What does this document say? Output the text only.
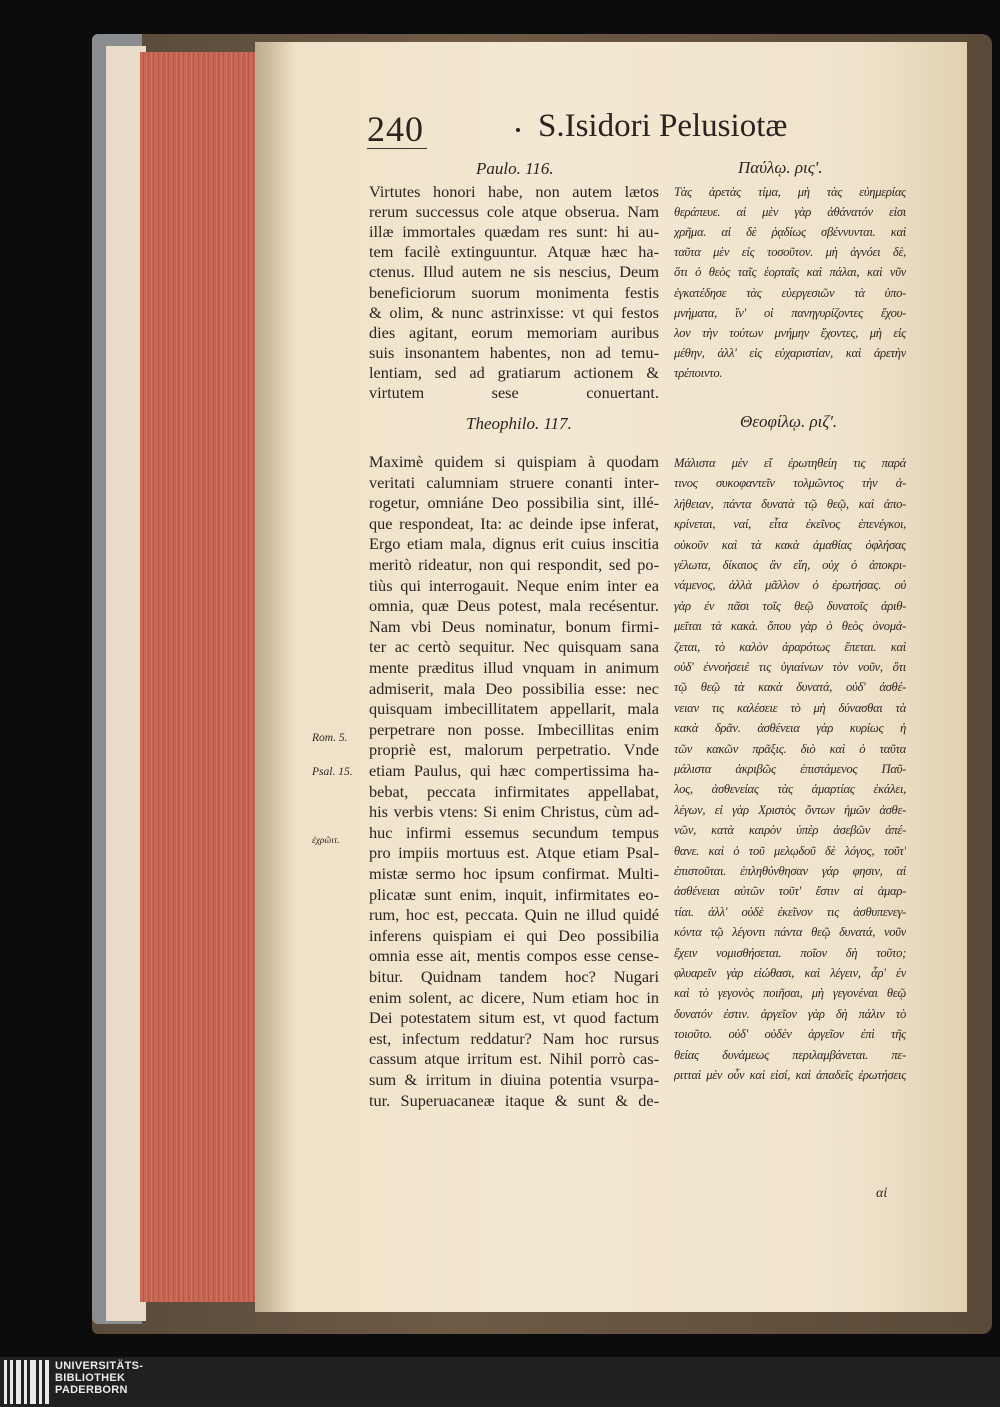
240	S.Isidori Pelusiotæ
Paulo. 116.	Παύλῳ. ρις'.
Theophilo. 117.	Θεοφίλῳ. ριζ'.
Virtutes honori habe, non autem lætos
rerum successus cole atque obserua. Nam
illæ immortales quædam res sunt: hi au-
tem facilè extinguuntur. Atquæ hæc ha-
ctenus. Illud autem ne sis nescius, Deum
beneficiorum suorum monimenta festis
& olim, & nunc astrinxisse: vt qui festos
dies agitant, eorum memoriam auribus
suis insonantem habentes, non ad temu-
lentiam, sed ad gratiarum actionem &
virtutem sese conuertant.
Maximè quidem si quispiam à quodam
veritati calumniam struere conanti inter-
rogetur, omniáne Deo possibilia sint, illé-
que respondeat, Ita: ac deinde ipse inferat,
Ergo etiam mala, dignus erit cuius inscitia
meritò rideatur, non qui respondit, sed po-
tiùs qui interrogauit. Neque enim inter ea
omnia, quæ Deus potest, mala recésentur.
Nam vbi Deus nominatur, bonum firmi-
ter ac certò sequitur. Nec quisquam sana
mente præditus illud vnquam in animum
admiserit, mala Deo possibilia esse: nec
quisquam imbecillitatem appellarit, mala
perpetrare non posse. Imbecillitas enim
propriè est, malorum perpetratio. Vnde
etiam Paulus, qui hæc compertissima ha-
bebat, peccata infirmitates appellabat,
his verbis vtens: Si enim Christus, cùm ad-
huc infirmi essemus secundum tempus
pro impiis mortuus est. Atque etiam Psal-
mistæ sermo hoc ipsum confirmat. Multi-
plicatæ sunt enim, inquit, infirmitates eo-
rum, hoc est, peccata. Quin ne illud quidé
inferens quispiam ei qui Deo possibilia
omnia esse ait, mentis compos esse cense-
bitur. Quidnam tandem hoc? Nugari
enim solent, ac dicere, Num etiam hoc in
Dei potestatem situm est, vt quod factum
est, infectum reddatur? Nam hoc rursus
cassum atque irritum est. Nihil porrò cas-
sum & irritum in diuina potentia vsurpa-
tur. Superuacaneæ itaque & sunt & de-
Τὰς ἀρετὰς τίμα, μὴ τὰς εὐημερίας
θεράπευε. αἱ μὲν γὰρ ἀθάνατόν εἰσι
χρῆμα. αἱ δὲ ῥᾳδίως σβέννυνται. καὶ
ταῦτα μὲν εἰς τοσοῦτον. μὴ ἀγνόει δὲ,
ὅτι ὁ θεὸς ταῖς ἑορταῖς καὶ πάλαι, καὶ νῦν
ἐγκατέδησε τὰς εὐεργεσιῶν τὰ ὑπο-
μνήματα, ἵν' οἱ πανηγυρίζοντες ἔχου-
λον τὴν τούτων μνήμην ἔχοντες, μὴ εἰς
μέθην, ἀλλ' εἰς εὐχαριστίαν, καὶ ἀρετὴν
τρέποιντο.
Μάλιστα μὲν εἴ ἐρωτηθείη τις παρά
τινος συκοφαντεῖν τολμῶντος τὴν ἀ-
λήθειαν, πάντα δυνατὰ τῷ θεῷ, καὶ ἀπο-
κρίνεται, ναί, εἶτα ἐκεῖνος ἐπενέγκοι,
οὐκοῦν καὶ τὰ κακὰ ἀμαθίας ὀφλήσας
γέλωτα, δίκαιος ἂν εἴη, οὐχ ὁ ἀποκρι-
νάμενος, ἀλλὰ μᾶλλον ὁ ἐρωτήσας. οὐ
γὰρ ἐν πᾶσι τοῖς θεῷ δυνατοῖς ἀριθ-
μεῖται τὰ κακά. ὅπου γὰρ ὁ θεὸς ὀνομά-
ζεται, τὸ καλὸν ἀραρότως ἕπεται. καὶ
οὐδ' ἐννοήσειέ τις ὑγιαίνων τὸν νοῦν, ὅτι
τῷ θεῷ τὰ κακὰ δυνατά, οὐδ' ἀσθέ-
νειαν τις καλέσειε τὸ μὴ δύνασθαι τὰ
κακὰ δρᾶν. ἀσθένεια γὰρ κυρίως ἡ
τῶν κακῶν πρᾶξις. διὸ καὶ ὁ ταῦτα
μάλιστα ἀκριβῶς ἐπιστάμενος Παῦ-
λος, ἀσθενείας τὰς ἁμαρτίας ἐκάλει,
λέγων, εἰ γὰρ Χριστὸς ὄντων ἡμῶν ἀσθε-
νῶν, κατὰ καιρὸν ὑπὲρ ἀσεβῶν ἀπέ-
θανε. καὶ ὁ τοῦ μελῳδοῦ δὲ λόγος, τοῦτ'
ἐπιστοῦται. ἐπληθύνθησαν γάρ φησιν, αἱ
ἀσθένειαι αὐτῶν τοῦτ' ἔστιν αἱ ἁμαρ-
τίαι. ἀλλ' οὐδὲ ἐκεῖνον τις ἀσθυπενεγ-
κόντα τῷ λέγοντι πάντα θεῷ δυνατά, νοῦν
ἔχειν νομισθήσεται. ποῖον δὴ τοῦτο;
φλυαρεῖν γὰρ εἰώθασι, καὶ λέγειν, ἆρ' ἐν
καὶ τὸ γεγονὸς ποιῆσαι, μὴ γεγονέναι θεῷ
δυνατόν ἐστιν. ἀργεῖον γὰρ δὴ πάλιν τὸ
τοιοῦτο. οὐδ' οὐδὲν ἀργεῖον ἐπὶ τῆς
θείας δυνάμεως περιλαμβάνεται. πε-
ριτταὶ μὲν οὖν καὶ εἰσί, καὶ ἀπαδεῖς ἐρωτήσεις
Rom. 5.
Psal. 15.
ἐχρῶιτ.
αἱ
UNIVERSITÄTS-
BIBLIOTHEK
PADERBORN
